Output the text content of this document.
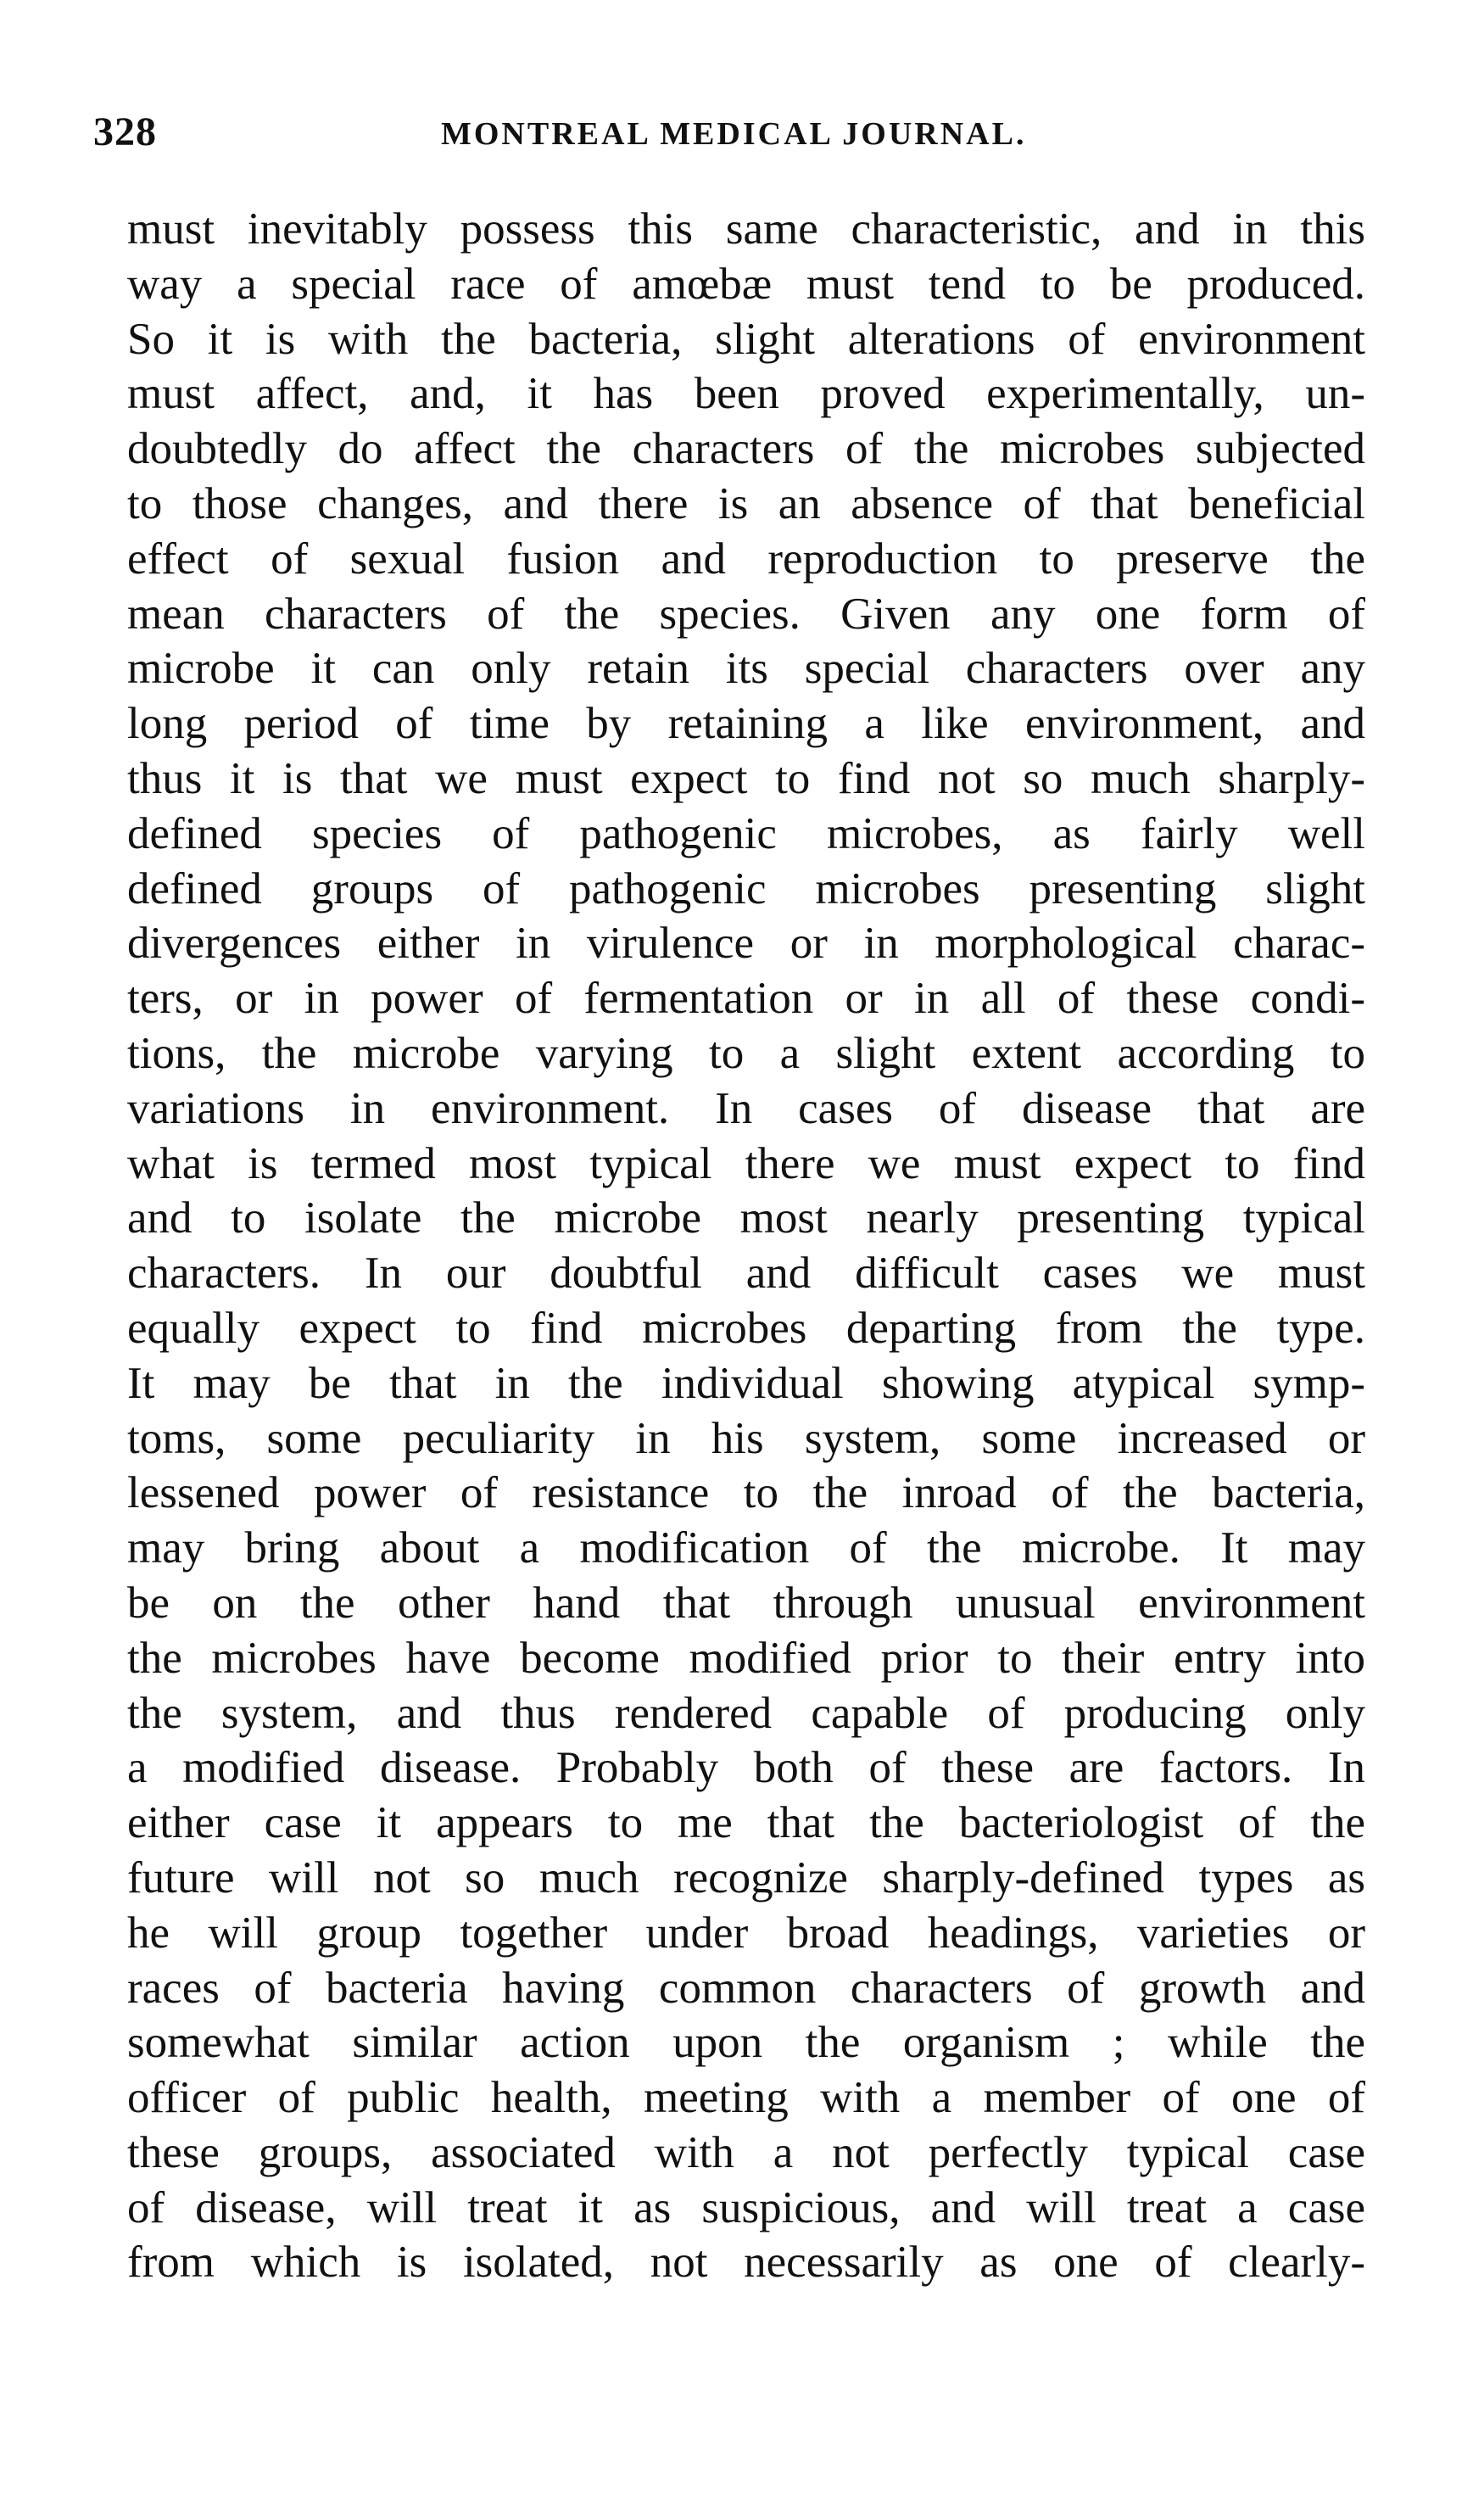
328	MONTREAL MEDICAL JOURNAL.
must inevitably possess this same characteristic, and in this
way a special race of amœbæ must tend to be produced.
So it is with the bacteria, slight alterations of environment
must affect, and, it has been proved experimentally, un-
doubtedly do affect the characters of the microbes subjected
to those changes, and there is an absence of that beneficial
effect of sexual fusion and reproduction to preserve the
mean characters of the species. Given any one form of
microbe it can only retain its special characters over any
long period of time by retaining a like environment, and
thus it is that we must expect to find not so much sharply-
defined species of pathogenic microbes, as fairly well
defined groups of pathogenic microbes presenting slight
divergences either in virulence or in morphological charac-
ters, or in power of fermentation or in all of these condi-
tions, the microbe varying to a slight extent according to
variations in environment. In cases of disease that are
what is termed most typical there we must expect to find
and to isolate the microbe most nearly presenting typical
characters. In our doubtful and difficult cases we must
equally expect to find microbes departing from the type.
It may be that in the individual showing atypical symp-
toms, some peculiarity in his system, some increased or
lessened power of resistance to the inroad of the bacteria,
may bring about a modification of the microbe. It may
be on the other hand that through unusual environment
the microbes have become modified prior to their entry into
the system, and thus rendered capable of producing only
a modified disease. Probably both of these are factors. In
either case it appears to me that the bacteriologist of the
future will not so much recognize sharply-defined types as
he will group together under broad headings, varieties or
races of bacteria having common characters of growth and
somewhat similar action upon the organism ; while the
officer of public health, meeting with a member of one of
these groups, associated with a not perfectly typical case
of disease, will treat it as suspicious, and will treat a case
from which is isolated, not necessarily as one of clearly-
